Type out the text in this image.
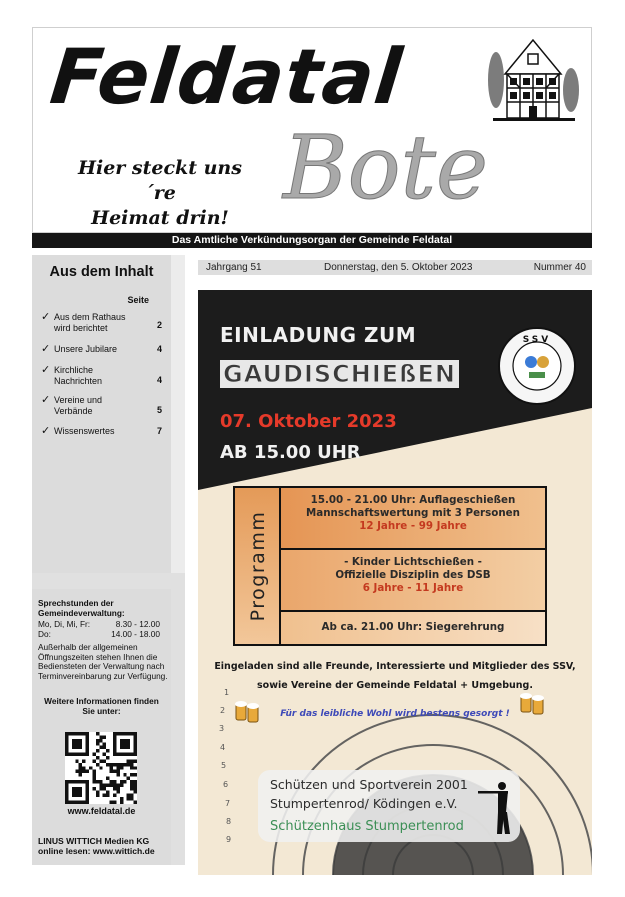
Feldatal
Bote
Hier steckt uns´re
Heimat drin!
Das Amtliche Verkündungsorgan der Gemeinde Feldatal
Jahrgang 51	Donnerstag, den 5. Oktober 2023	Nummer 40
Aus dem Inhalt
Seite
✓ Aus dem Rathaus wird berichtet	2
✓ Unsere Jubilare	4
✓ Kirchliche Nachrichten	4
✓ Vereine und Verbände	5
✓ Wissenswertes	7
Sprechstunden der Gemeindeverwaltung:
Mo, Di, Mi, Fr:	8.30 - 12.00
Do:	14.00 - 18.00
Außerhalb der allgemeinen Öffnungszeiten stehen Ihnen die Bediensteten der Verwaltung nach Terminvereinbarung zur Verfügung.
Weitere Informationen finden Sie unter:
www.feldatal.de
LINUS WITTICH Medien KG
online lesen: www.wittich.de
1
2
3
4
5
6
7
8
9
EINLADUNG ZUM
GAUDISCHIEßEN
07. Oktober 2023
AB 15.00 UHR
SSV
Programm
15.00 - 21.00 Uhr: Auflageschießen
Mannschaftswertung mit 3 Personen
12 Jahre - 99 Jahre
- Kinder Lichtschießen -
Offizielle Disziplin des DSB
6 Jahre - 11 Jahre
Ab ca. 21.00 Uhr: Siegerehrung
Eingeladen sind alle Freunde, Interessierte und Mitglieder des SSV,
sowie Vereine der Gemeinde Feldatal + Umgebung.
Für das leibliche Wohl wird bestens gesorgt !
Schützen und Sportverein 2001
Stumpertenrod/ Ködingen e.V.
Schützenhaus Stumpertenrod
